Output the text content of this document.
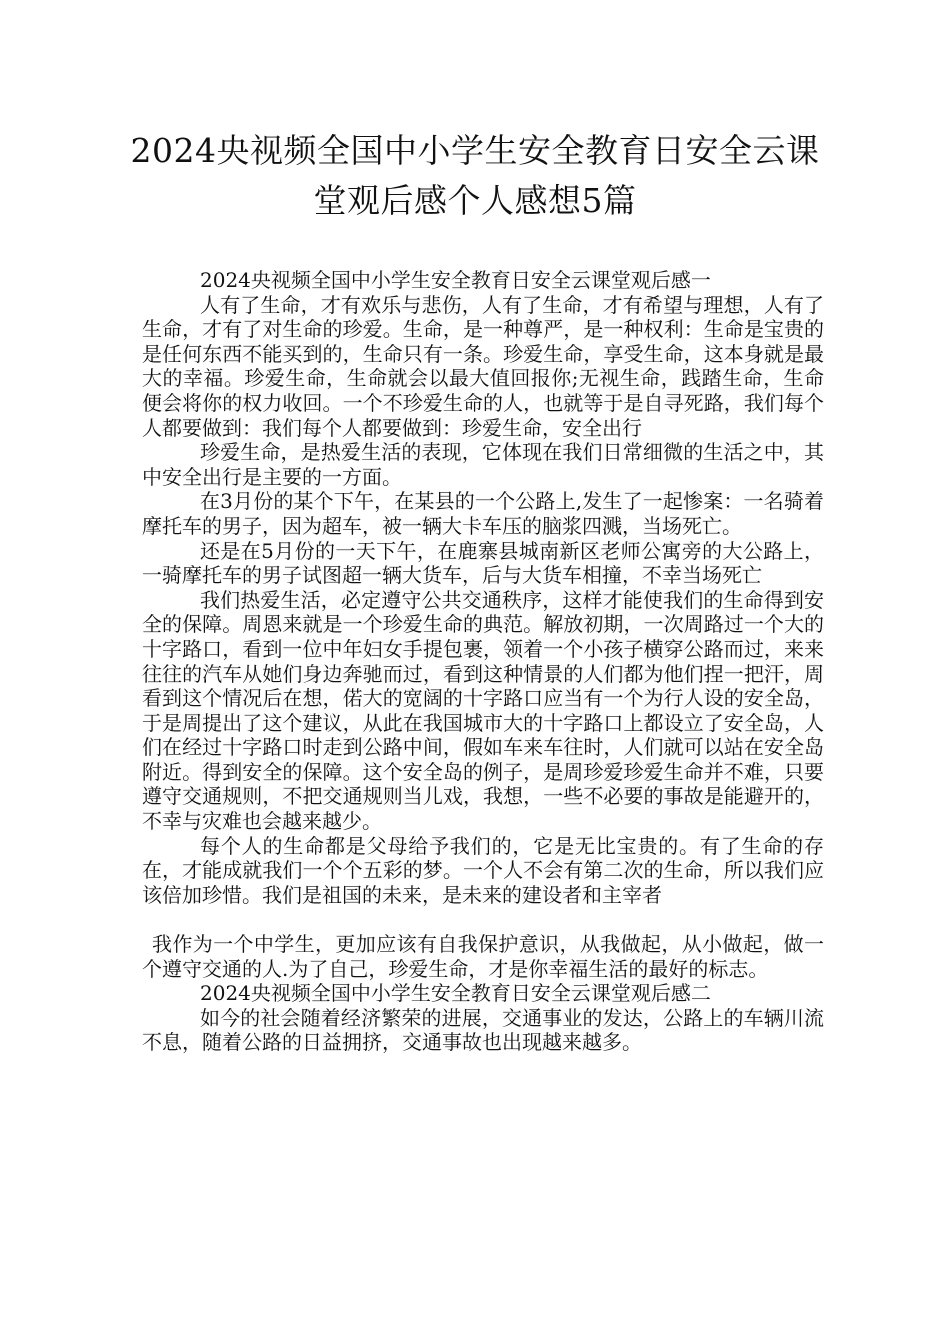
2024央视频全国中小学生安全教育日安全云课堂观后感个人感想5篇

2024央视频全国中小学生安全教育日安全云课堂观后感一

人有了生命，才有欢乐与悲伤，人有了生命，才有希望与理想，人有了生命，才有了对生命的珍爱。生命，是一种尊严，是一种权利：生命是宝贵的是任何东西不能买到的，生命只有一条。珍爱生命，享受生命，这本身就是最大的幸福。珍爱生命，生命就会以最大值回报你;无视生命，践踏生命，生命便会将你的权力收回。一个不珍爱生命的人，也就等于是自寻死路，我们每个人都要做到：我们每个人都要做到：珍爱生命，安全出行

珍爱生命，是热爱生活的表现，它体现在我们日常细微的生活之中，其中安全出行是主要的一方面。

在3月份的某个下午，在某县的一个公路上,发生了一起惨案：一名骑着摩托车的男子，因为超车，被一辆大卡车压的脑浆四溅，当场死亡。

还是在5月份的一天下午，在鹿寨县城南新区老师公寓旁的大公路上，一骑摩托车的男子试图超一辆大货车，后与大货车相撞，不幸当场死亡

我们热爱生活，必定遵守公共交通秩序，这样才能使我们的生命得到安全的保障。周恩来就是一个珍爱生命的典范。解放初期，一次周路过一个大的十字路口，看到一位中年妇女手提包裹，领着一个小孩子横穿公路而过，来来往往的汽车从她们身边奔驰而过，看到这种情景的人们都为他们捏一把汗，周看到这个情况后在想，偌大的宽阔的十字路口应当有一个为行人设的安全岛，于是周提出了这个建议，从此在我国城市大的十字路口上都设立了安全岛，人们在经过十字路口时走到公路中间，假如车来车往时，人们就可以站在安全岛附近。得到安全的保障。这个安全岛的例子，是周珍爱珍爱生命并不难，只要遵守交通规则，不把交通规则当儿戏，我想，一些不必要的事故是能避开的，不幸与灾难也会越来越少。

每个人的生命都是父母给予我们的，它是无比宝贵的。有了生命的存在，才能成就我们一个个五彩的梦。一个人不会有第二次的生命，所以我们应该倍加珍惜。我们是祖国的未来，是未来的建设者和主宰者

我作为一个中学生，更加应该有自我保护意识，从我做起，从小做起，做一个遵守交通的人.为了自己，珍爱生命，才是你幸福生活的最好的标志。

2024央视频全国中小学生安全教育日安全云课堂观后感二

如今的社会随着经济繁荣的进展，交通事业的发达，公路上的车辆川流不息，随着公路的日益拥挤，交通事故也出现越来越多。
